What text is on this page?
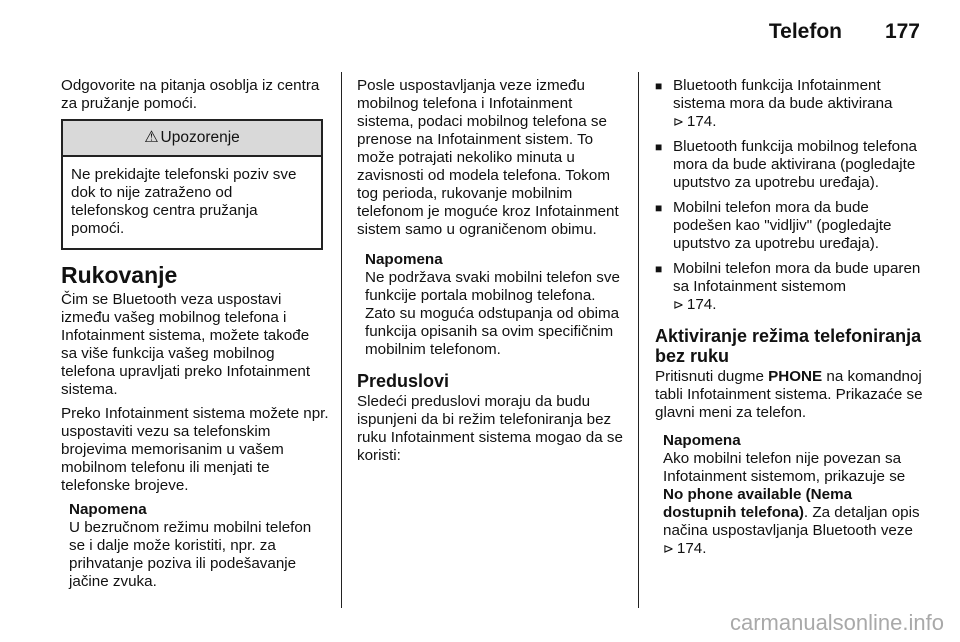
Telefon 177

Odgovorite na pitanja osoblja iz centra za pružanje pomoći.

⚠ Upozorenje
Ne prekidajte telefonski poziv sve dok to nije zatraženo od telefonskog centra pružanja pomoći.
Rukovanje

Čim se Bluetooth veza uspostavi između vašeg mobilnog telefona i Infotainment sistema, možete takođe sa više funkcija vašeg mobilnog telefona upravljati preko Infotainment sistema.

Preko Infotainment sistema možete npr. uspostaviti vezu sa telefonskim brojevima memorisanim u vašem mobilnom telefonu ili menjati te telefonske brojeve.

Napomena
U bezručnom režimu mobilni telefon se i dalje može koristiti, npr. za prihvatanje poziva ili podešavanje jačine zvuka.

Posle uspostavljanja veze između mobilnog telefona i Infotainment sistema, podaci mobilnog telefona se prenose na Infotainment sistem. To može potrajati nekoliko minuta u zavisnosti od modela telefona. Tokom tog perioda, rukovanje mobilnim telefonom je moguće kroz Infotainment sistem samo u ograničenom obimu.

Napomena
Ne podržava svaki mobilni telefon sve funkcije portala mobilnog telefona. Zato su moguća odstupanja od obima funkcija opisanih sa ovim specifičnim mobilnim telefonom.
Preduslovi

Sledeći preduslovi moraju da budu ispunjeni da bi režim telefoniranja bez ruku Infotainment sistema mogao da se koristi:

■ Bluetooth funkcija Infotainment sistema mora da bude aktivirana
⊳ 174.
■ Bluetooth funkcija mobilnog telefona mora da bude aktivirana (pogledajte uputstvo za upotrebu uređaja).
■ Mobilni telefon mora da bude podešen kao "vidljiv" (pogledajte uputstvo za upotrebu uređaja).
■ Mobilni telefon mora da bude uparen sa Infotainment sistemom
⊳ 174.
Aktiviranje režima telefoniranja bez ruku

Pritisnuti dugme PHONE na komandnoj tabli Infotainment sistema. Prikazaće se glavni meni za telefon.

Napomena
Ako mobilni telefon nije povezan sa Infotainment sistemom, prikazuje se No phone available (Nema dostupnih telefona). Za detaljan opis načina uspostavljanja Bluetooth veze ⊳ 174.
carmanualsonline.info
